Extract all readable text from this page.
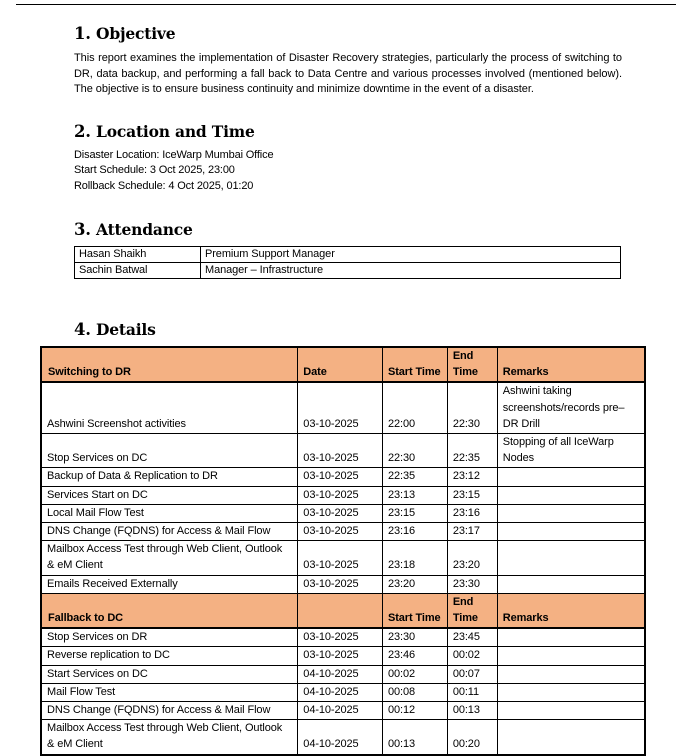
1. Objective

This report examines the implementation of Disaster Recovery strategies, particularly the process of switching to DR, data backup, and performing a fall back to Data Centre and various processes involved (mentioned below). The objective is to ensure business continuity and minimize downtime in the event of a disaster.

2. Location and Time
Disaster Location: IceWarp Mumbai Office
Start Schedule: 3 Oct 2025, 23:00
Rollback Schedule: 4 Oct 2025, 01:20
3. Attendance
Hasan Shaikh	Premium Support Manager
Sachin Batwal	Manager – Infrastructure
4. Details
Switching to DR	Date	Start Time	End Time	Remarks
Ashwini Screenshot activities	03-10-2025	22:00	22:30	Ashwini taking screenshots/records pre–DR Drill
Stop Services on DC	03-10-2025	22:30	22:35	Stopping of all IceWarp Nodes
Backup of Data & Replication to DR	03-10-2025	22:35	23:12	
Services Start on DC	03-10-2025	23:13	23:15	
Local Mail Flow Test	03-10-2025	23:15	23:16	
DNS Change (FQDNS) for Access & Mail Flow	03-10-2025	23:16	23:17	
Mailbox Access Test through Web Client, Outlook & eM Client	03-10-2025	23:18	23:20	
Emails Received Externally	03-10-2025	23:20	23:30	
Fallback to DC		Start Time	End Time	Remarks
Stop Services on DR	03-10-2025	23:30	23:45	
Reverse replication to DC	03-10-2025	23:46	00:02	
Start Services on DC	04-10-2025	00:02	00:07	
Mail Flow Test	04-10-2025	00:08	00:11	
DNS Change (FQDNS) for Access & Mail Flow	04-10-2025	00:12	00:13	
Mailbox Access Test through Web Client, Outlook & eM Client	04-10-2025	00:13	00:20	
